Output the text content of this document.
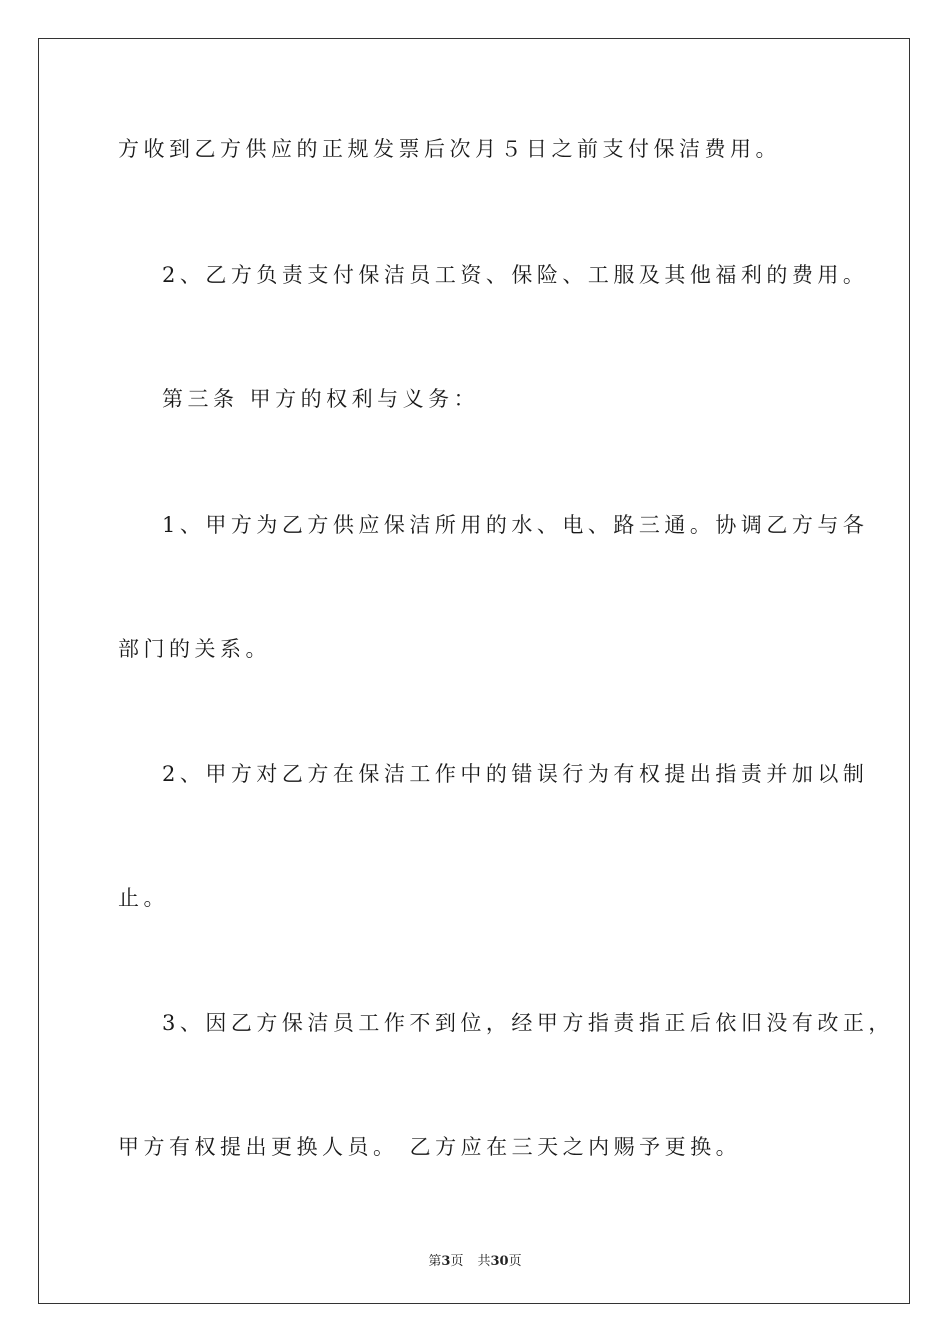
方收到乙方供应的正规发票后次月５日之前支付保洁费用。
2、乙方负责支付保洁员工资、保险、工服及其他福利的费用。
第三条 甲方的权利与义务：
1、甲方为乙方供应保洁所用的水、电、路三通。协调乙方与各
部门的关系。
2、甲方对乙方在保洁工作中的错误行为有权提出指责并加以制
止。
3、因乙方保洁员工作不到位，经甲方指责指正后依旧没有改正，
甲方有权提出更换人员。 乙方应在三天之内赐予更换。
第3页 共30页
